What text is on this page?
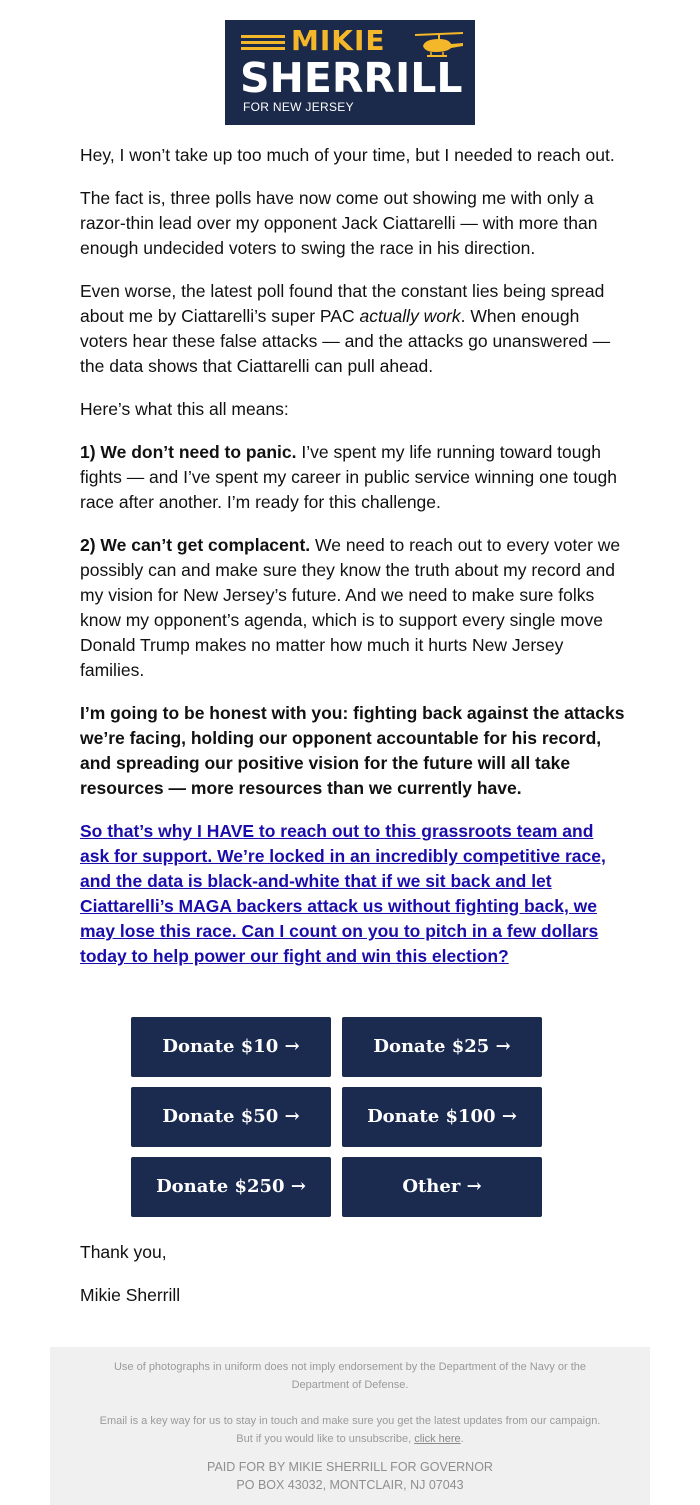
MIKIE
SHERRILL
FOR NEW JERSEY

Hey, I won’t take up too much of your time, but I needed to reach out.

The fact is, three polls have now come out showing me with only a razor-thin lead over my opponent Jack Ciattarelli — with more than enough undecided voters to swing the race in his direction.

Even worse, the latest poll found that the constant lies being spread about me by Ciattarelli’s super PAC actually work. When enough voters hear these false attacks — and the attacks go unanswered — the data shows that Ciattarelli can pull ahead.

Here’s what this all means:

1) We don’t need to panic. I’ve spent my life running toward tough fights — and I’ve spent my career in public service winning one tough race after another. I’m ready for this challenge.

2) We can’t get complacent. We need to reach out to every voter we possibly can and make sure they know the truth about my record and my vision for New Jersey’s future. And we need to make sure folks know my opponent’s agenda, which is to support every single move Donald Trump makes no matter how much it hurts New Jersey families.

I’m going to be honest with you: fighting back against the attacks we’re facing, holding our opponent accountable for his record, and spreading our positive vision for the future will all take resources — more resources than we currently have.

So that’s why I HAVE to reach out to this grassroots team and ask for support. We’re locked in an incredibly competitive race, and the data is black-and-white that if we sit back and let Ciattarelli’s MAGA backers attack us without fighting back, we may lose this race. Can I count on you to pitch in a few dollars today to help power our fight and win this election?
Donate $10 →	Donate $25 →
Donate $50 →	Donate $100 →
Donate $250 →	Other →

Thank you,

Mikie Sherrill

Use of photographs in uniform does not imply endorsement by the Department of the Navy or the Department of Defense.
Email is a key way for us to stay in touch and make sure you get the latest updates from our campaign.
But if you would like to unsubscribe, click here.
PAID FOR BY MIKIE SHERRILL FOR GOVERNOR
PO BOX 43032, MONTCLAIR, NJ 07043
